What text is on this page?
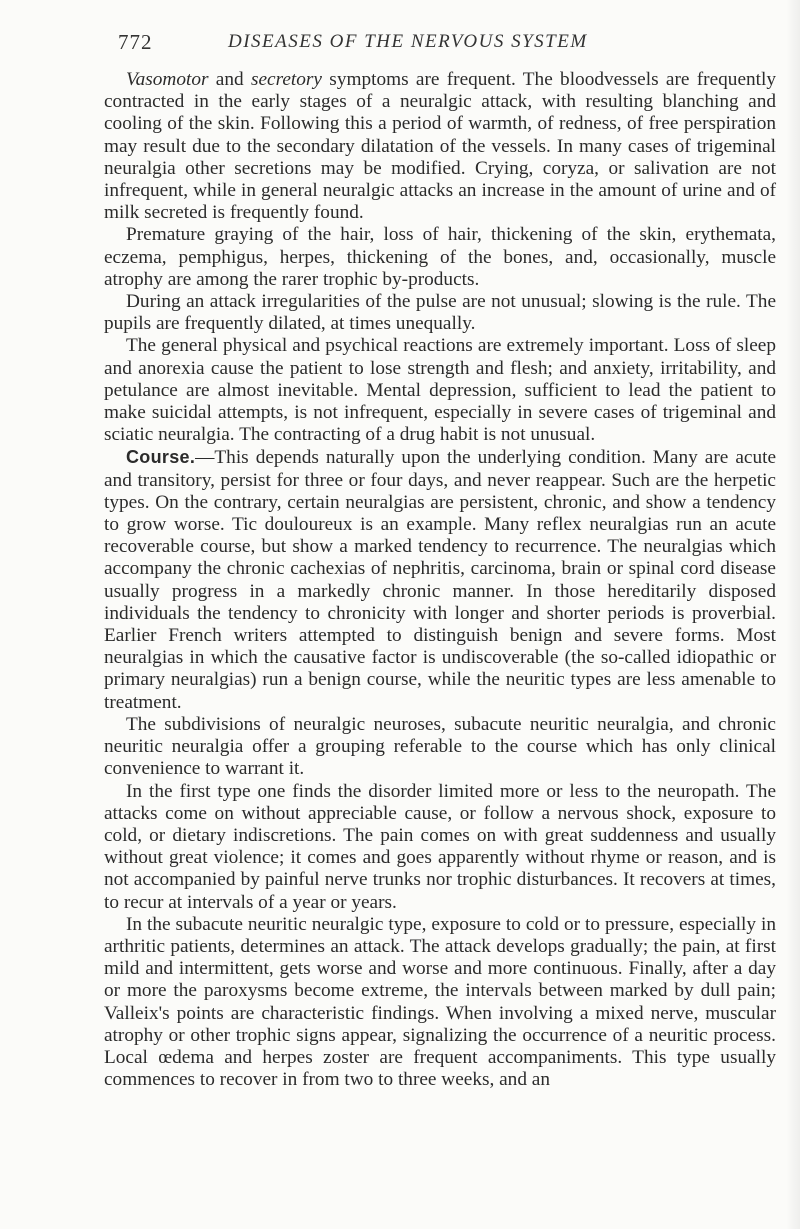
772	DISEASES OF THE NERVOUS SYSTEM

Vasomotor and secretory symptoms are frequent. The bloodvessels are frequently contracted in the early stages of a neuralgic attack, with resulting blanching and cooling of the skin. Following this a period of warmth, of redness, of free perspiration may result due to the secondary dilatation of the vessels. In many cases of trigeminal neuralgia other secretions may be modified. Crying, coryza, or salivation are not infrequent, while in general neuralgic attacks an increase in the amount of urine and of milk secreted is frequently found.

Premature graying of the hair, loss of hair, thickening of the skin, erythemata, eczema, pemphigus, herpes, thickening of the bones, and, occasionally, muscle atrophy are among the rarer trophic by-products.

During an attack irregularities of the pulse are not unusual; slowing is the rule. The pupils are frequently dilated, at times unequally.

The general physical and psychical reactions are extremely important. Loss of sleep and anorexia cause the patient to lose strength and flesh; and anxiety, irritability, and petulance are almost inevitable. Mental depression, sufficient to lead the patient to make suicidal attempts, is not infrequent, especially in severe cases of trigeminal and sciatic neuralgia. The contracting of a drug habit is not unusual.

Course.—This depends naturally upon the underlying condition. Many are acute and transitory, persist for three or four days, and never reappear. Such are the herpetic types. On the contrary, certain neuralgias are persistent, chronic, and show a tendency to grow worse. Tic douloureux is an example. Many reflex neuralgias run an acute recoverable course, but show a marked tendency to recurrence. The neuralgias which accompany the chronic cachexias of nephritis, carcinoma, brain or spinal cord disease usually progress in a markedly chronic manner. In those hereditarily disposed individuals the tendency to chronicity with longer and shorter periods is proverbial. Earlier French writers attempted to distinguish benign and severe forms. Most neuralgias in which the causative factor is undiscoverable (the so-called idiopathic or primary neuralgias) run a benign course, while the neuritic types are less amenable to treatment.

The subdivisions of neuralgic neuroses, subacute neuritic neuralgia, and chronic neuritic neuralgia offer a grouping referable to the course which has only clinical convenience to warrant it.

In the first type one finds the disorder limited more or less to the neuropath. The attacks come on without appreciable cause, or follow a nervous shock, exposure to cold, or dietary indiscretions. The pain comes on with great suddenness and usually without great violence; it comes and goes apparently without rhyme or reason, and is not accompanied by painful nerve trunks nor trophic disturbances. It recovers at times, to recur at intervals of a year or years.

In the subacute neuritic neuralgic type, exposure to cold or to pressure, especially in arthritic patients, determines an attack. The attack develops gradually; the pain, at first mild and intermittent, gets worse and worse and more continuous. Finally, after a day or more the paroxysms become extreme, the intervals between marked by dull pain; Valleix's points are characteristic findings. When involving a mixed nerve, muscular atrophy or other trophic signs appear, signalizing the occurrence of a neuritic process. Local œdema and herpes zoster are frequent accompaniments. This type usually commences to recover in from two to three weeks, and an
